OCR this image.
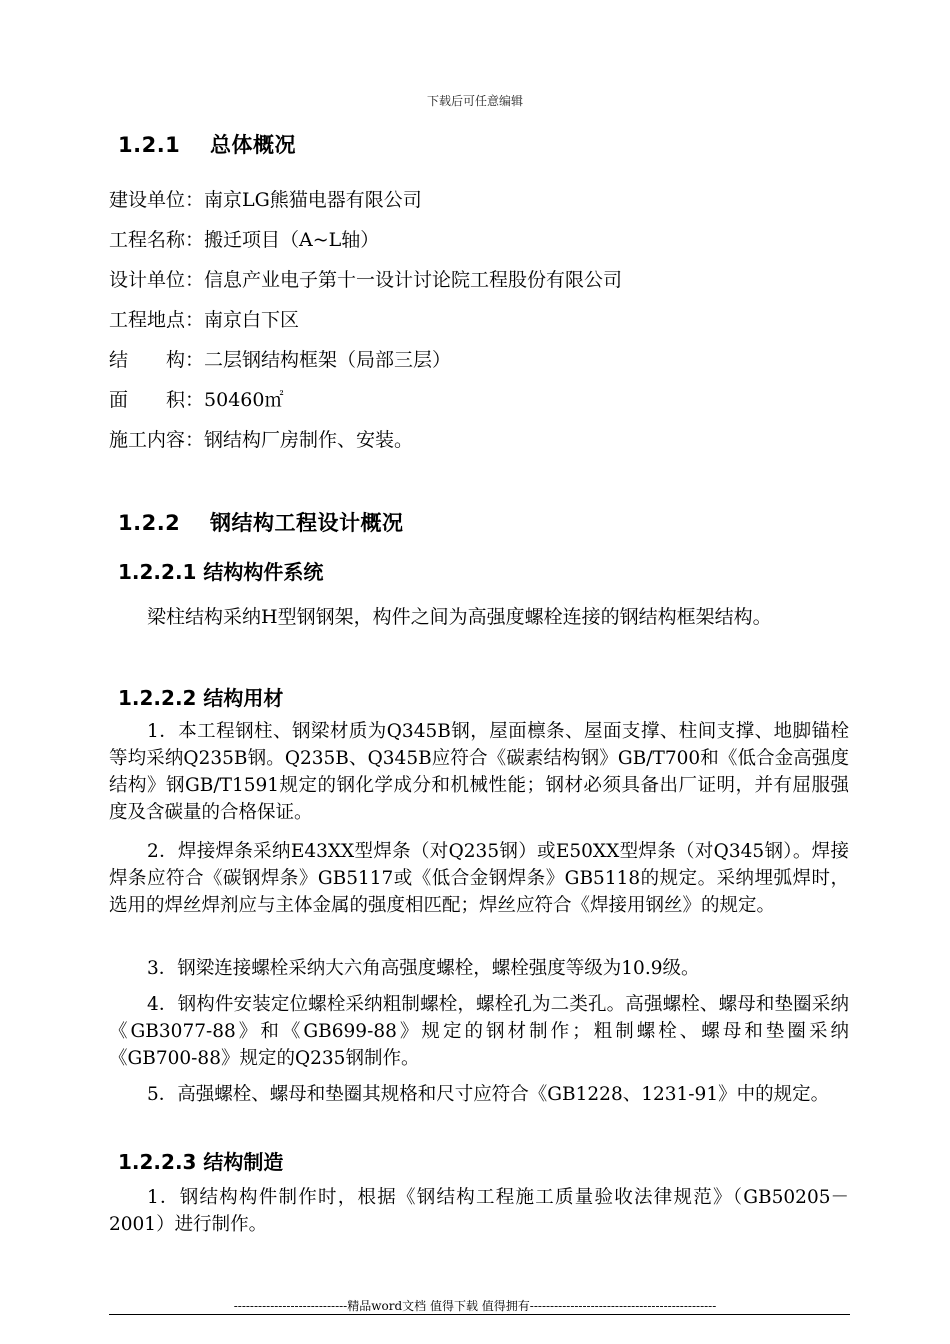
下载后可任意编辑
1.2.1 总体概况
建设单位：南京LG熊猫电器有限公司
工程名称：搬迁项目（A~L轴）
设计单位：信息产业电子第十一设计讨论院工程股份有限公司
工程地点：南京白下区
结　　构：二层钢结构框架（局部三层）
面　　积：50460㎡
施工内容：钢结构厂房制作、安装。
1.2.2 钢结构工程设计概况
1.2.2.1 结构构件系统

梁柱结构采纳H型钢钢架，构件之间为高强度螺栓连接的钢结构框架结构。

1.2.2.2 结构用材

1．本工程钢柱、钢梁材质为Q345B钢，屋面檩条、屋面支撑、柱间支撑、地脚锚栓等均采纳Q235B钢。Q235B、Q345B应符合《碳素结构钢》GB/T700和《低合金高强度结构》钢GB/T1591规定的钢化学成分和机械性能；钢材必须具备出厂证明，并有屈服强度及含碳量的合格保证。

2．焊接焊条采纳E43XX型焊条（对Q235钢）或E50XX型焊条（对Q345钢）。焊接焊条应符合《碳钢焊条》GB5117或《低合金钢焊条》GB5118的规定。采纳埋弧焊时，选用的焊丝焊剂应与主体金属的强度相匹配；焊丝应符合《焊接用钢丝》的规定。

3．钢梁连接螺栓采纳大六角高强度螺栓，螺栓强度等级为10.9级。

4．钢构件安装定位螺栓采纳粗制螺栓，螺栓孔为二类孔。高强螺栓、螺母和垫圈采纳《GB3077-88》和《GB699-88》规定的钢材制作；粗制螺栓、螺母和垫圈采纳《GB700-88》规定的Q235钢制作。

5．高强螺栓、螺母和垫圈其规格和尺寸应符合《GB1228、1231-91》中的规定。

1.2.2.3 结构制造

1．钢结构构件制作时，根据《钢结构工程施工质量验收法律规范》（GB50205－2001）进行制作。

----------------------------精品word文档 值得下载 值得拥有----------------------------------------------
